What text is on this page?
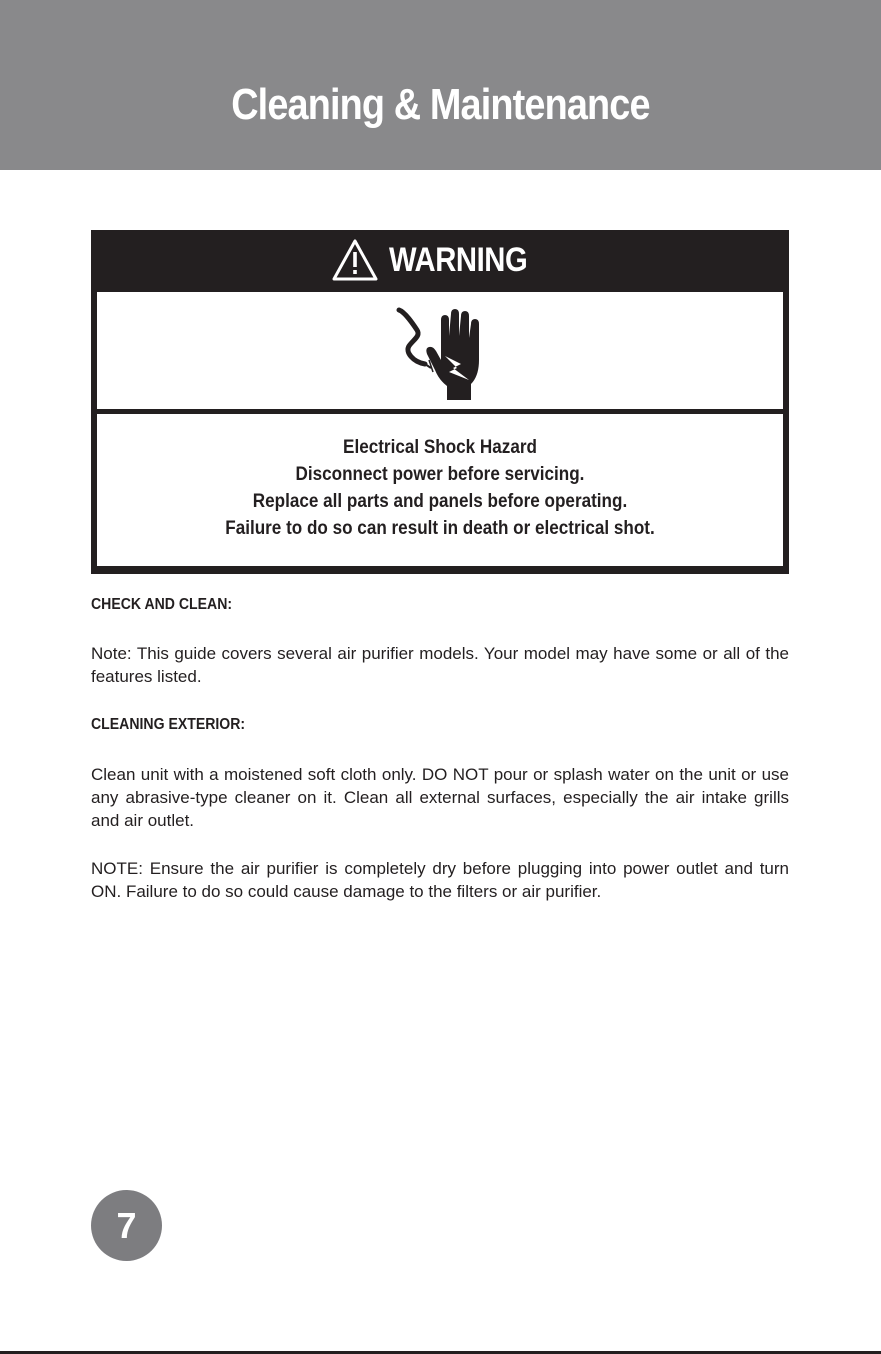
Cleaning & Maintenance
WARNING
Electrical Shock Hazard
Disconnect power before servicing.
Replace all parts and panels before operating.
Failure to do so can result in death or electrical shot.
CHECK AND CLEAN:

Note: This guide covers several air purifier models. Your model may have some or all of the features listed.

CLEANING EXTERIOR:

Clean unit with a moistened soft cloth only. DO NOT pour or splash water on the unit or use any abrasive-type cleaner on it. Clean all external surfaces, especially the air intake grills and air outlet.

NOTE: Ensure the air purifier is completely dry before plugging into power outlet and turn ON. Failure to do so could cause damage to the filters or air purifier.

7
